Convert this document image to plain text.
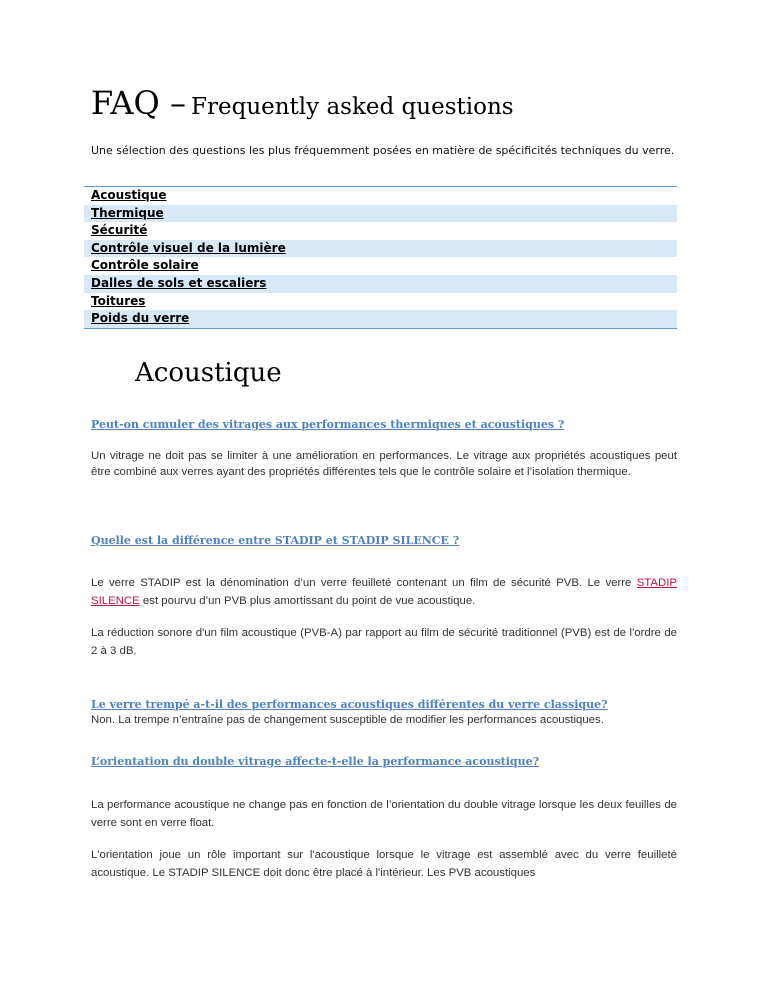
FAQ – Frequently asked questions
Une sélection des questions les plus fréquemment posées en matière de spécificités techniques du verre.
Acoustique
Thermique
Sécurité
Contrôle visuel de la lumière
Contrôle solaire
Dalles de sols et escaliers
Toitures
Poids du verre
Acoustique
Peut-on cumuler des vitrages aux performances thermiques et acoustiques ?
Un vitrage ne doit pas se limiter à une amélioration en performances. Le vitrage aux propriétés acoustiques peut être combiné aux verres ayant des propriétés différentes tels que le contrôle solaire et l’isolation thermique.
Quelle est la différence entre STADIP et STADIP SILENCE ?
Le verre STADIP est la dénomination d’un verre feuilleté contenant un film de sécurité PVB. Le verre STADIP SILENCE est pourvu d’un PVB plus amortissant du point de vue acoustique.
La réduction sonore d'un film acoustique (PVB-A) par rapport au film de sécurité traditionnel (PVB) est de l'ordre de 2 à 3 dB.
Le verre trempé a-t-il des performances acoustiques différentes du verre classique?
Non. La trempe n’entraîne pas de changement susceptible de modifier les performances acoustiques.
L’orientation du double vitrage affecte-t-elle la performance acoustique?
La performance acoustique ne change pas en fonction de l’orientation du double vitrage lorsque les deux feuilles de verre sont en verre float.
L'orientation joue un rôle important sur l'acoustique lorsque le vitrage est assemblé avec du verre feuilleté acoustique. Le STADIP SILENCE doit donc être placé à l'intérieur. Les PVB acoustiques
